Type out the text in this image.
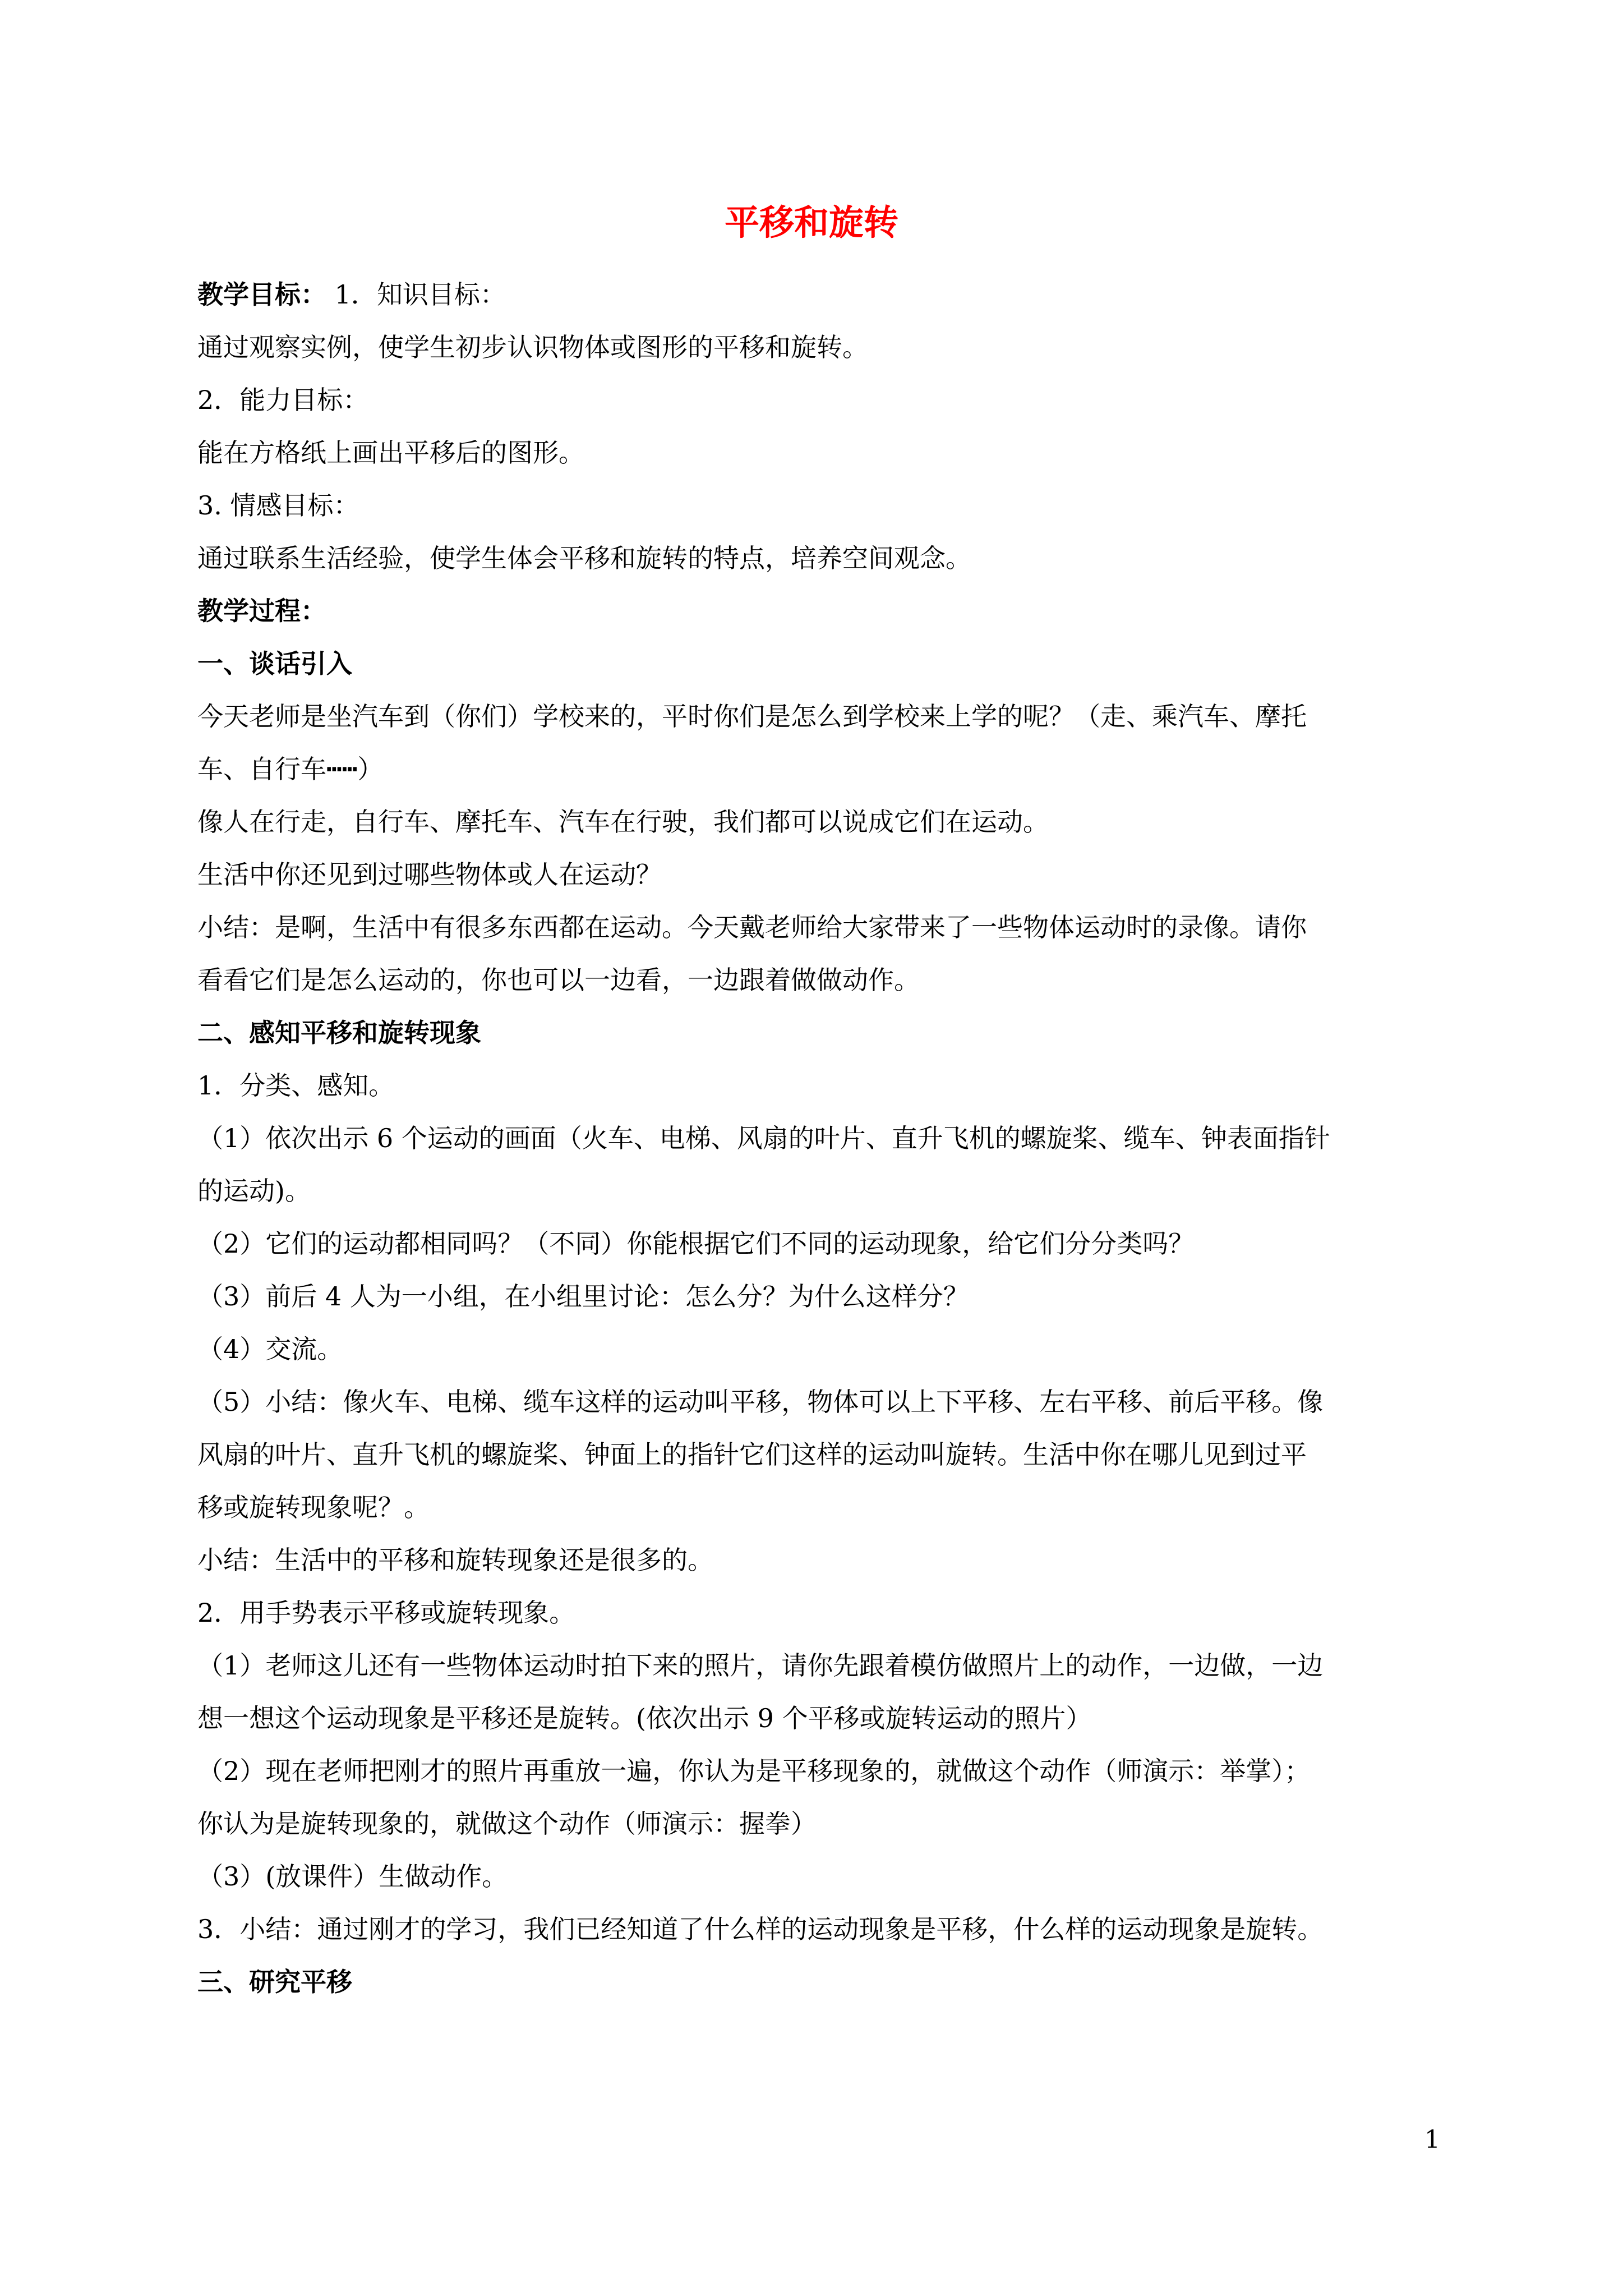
平移和旋转
教学目标： 1．知识目标：
通过观察实例，使学生初步认识物体或图形的平移和旋转。
2．能力目标：
能在方格纸上画出平移后的图形。
3. 情感目标：
通过联系生活经验，使学生体会平移和旋转的特点，培养空间观念。
教学过程：
一、谈话引入
今天老师是坐汽车到（你们）学校来的，平时你们是怎么到学校来上学的呢？（走、乘汽车、摩托
车、自行车┅┅）
像人在行走，自行车、摩托车、汽车在行驶，我们都可以说成它们在运动。
生活中你还见到过哪些物体或人在运动？
小结：是啊，生活中有很多东西都在运动。今天戴老师给大家带来了一些物体运动时的录像。请你
看看它们是怎么运动的，你也可以一边看，一边跟着做做动作。
二、感知平移和旋转现象
1．分类、感知。
（1）依次出示 6 个运动的画面（火车、电梯、风扇的叶片、直升飞机的螺旋桨、缆车、钟表面指针
的运动)。
（2）它们的运动都相同吗？（不同）你能根据它们不同的运动现象，给它们分分类吗？
（3）前后 4 人为一小组，在小组里讨论：怎么分？为什么这样分？
（4）交流。
（5）小结：像火车、电梯、缆车这样的运动叫平移，物体可以上下平移、左右平移、前后平移。像
风扇的叶片、直升飞机的螺旋桨、钟面上的指针它们这样的运动叫旋转。生活中你在哪儿见到过平
移或旋转现象呢？。
小结：生活中的平移和旋转现象还是很多的。
2．用手势表示平移或旋转现象。
（1）老师这儿还有一些物体运动时拍下来的照片，请你先跟着模仿做照片上的动作，一边做，一边
想一想这个运动现象是平移还是旋转。(依次出示 9 个平移或旋转运动的照片）
（2）现在老师把刚才的照片再重放一遍，你认为是平移现象的，就做这个动作（师演示：举掌）；
你认为是旋转现象的，就做这个动作（师演示：握拳）
（3）(放课件）生做动作。
3．小结：通过刚才的学习，我们已经知道了什么样的运动现象是平移，什么样的运动现象是旋转。
三、研究平移
1
